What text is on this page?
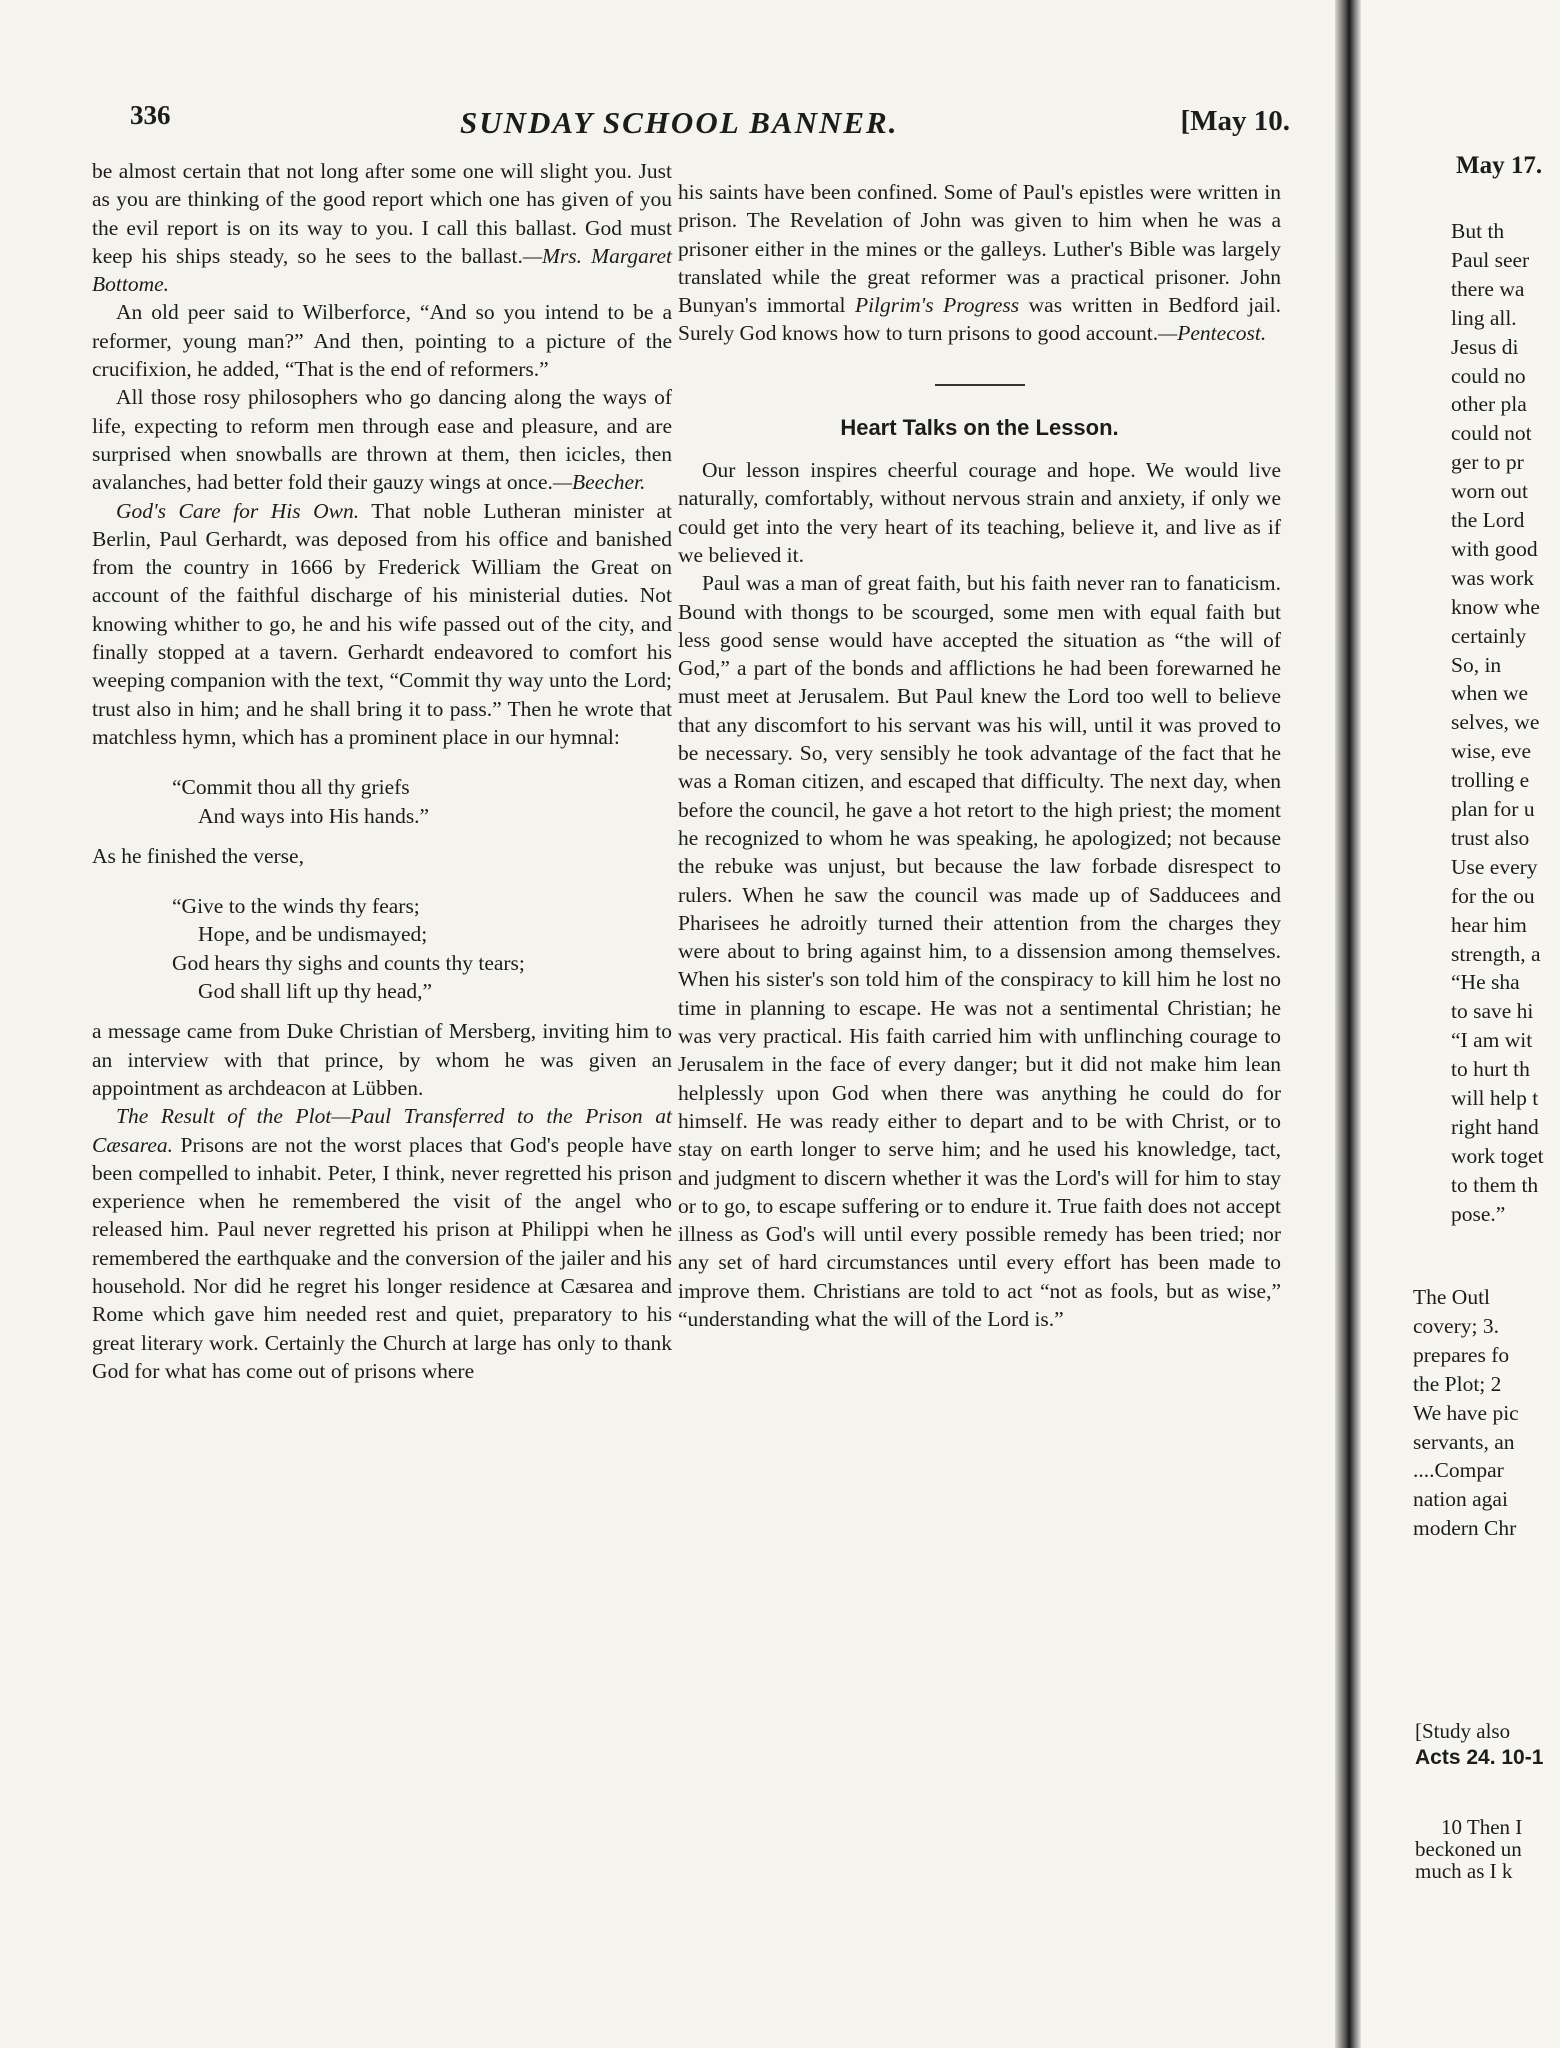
336	SUNDAY SCHOOL BANNER.	[May 10.

be almost certain that not long after some one will slight you. Just as you are thinking of the good report which one has given of you the evil report is on its way to you. I call this ballast. God must keep his ships steady, so he sees to the ballast.—Mrs. Margaret Bottome.

An old peer said to Wilberforce, “And so you intend to be a reformer, young man?” And then, pointing to a picture of the crucifixion, he added, “That is the end of reformers.”

All those rosy philosophers who go dancing along the ways of life, expecting to reform men through ease and pleasure, and are surprised when snowballs are thrown at them, then icicles, then avalanches, had better fold their gauzy wings at once.—Beecher.

God's Care for His Own. That noble Lutheran minister at Berlin, Paul Gerhardt, was deposed from his office and banished from the country in 1666 by Frederick William the Great on account of the faithful discharge of his ministerial duties. Not knowing whither to go, he and his wife passed out of the city, and finally stopped at a tavern. Gerhardt endeavored to comfort his weeping companion with the text, “Commit thy way unto the Lord; trust also in him; and he shall bring it to pass.” Then he wrote that matchless hymn, which has a prominent place in our hymnal:

“Commit thou all thy griefs
And ways into His hands.”

As he finished the verse,

“Give to the winds thy fears;
Hope, and be undismayed;
God hears thy sighs and counts thy tears;
God shall lift up thy head,”

a message came from Duke Christian of Mersberg, inviting him to an interview with that prince, by whom he was given an appointment as archdeacon at Lübben.

The Result of the Plot—Paul Transferred to the Prison at Cæsarea. Prisons are not the worst places that God's people have been compelled to inhabit. Peter, I think, never regretted his prison experience when he remembered the visit of the angel who released him. Paul never regretted his prison at Philippi when he remembered the earthquake and the conversion of the jailer and his household. Nor did he regret his longer residence at Cæsarea and Rome which gave him needed rest and quiet, preparatory to his great literary work. Certainly the Church at large has only to thank God for what has come out of prisons where

his saints have been confined. Some of Paul's epistles were written in prison. The Revelation of John was given to him when he was a prisoner either in the mines or the galleys. Luther's Bible was largely translated while the great reformer was a practical prisoner. John Bunyan's immortal Pilgrim's Progress was written in Bedford jail. Surely God knows how to turn prisons to good account.—Pentecost.

Heart Talks on the Lesson.

Our lesson inspires cheerful courage and hope. We would live naturally, comfortably, without nervous strain and anxiety, if only we could get into the very heart of its teaching, believe it, and live as if we believed it.

Paul was a man of great faith, but his faith never ran to fanaticism. Bound with thongs to be scourged, some men with equal faith but less good sense would have accepted the situation as “the will of God,” a part of the bonds and afflictions he had been forewarned he must meet at Jerusalem. But Paul knew the Lord too well to believe that any discomfort to his servant was his will, until it was proved to be necessary. So, very sensibly he took advantage of the fact that he was a Roman citizen, and escaped that difficulty. The next day, when before the council, he gave a hot retort to the high priest; the moment he recognized to whom he was speaking, he apologized; not because the rebuke was unjust, but because the law forbade disrespect to rulers. When he saw the council was made up of Sadducees and Pharisees he adroitly turned their attention from the charges they were about to bring against him, to a dissension among themselves. When his sister's son told him of the conspiracy to kill him he lost no time in planning to escape. He was not a sentimental Christian; he was very practical. His faith carried him with unflinching courage to Jerusalem in the face of every danger; but it did not make him lean helplessly upon God when there was anything he could do for himself. He was ready either to depart and to be with Christ, or to stay on earth longer to serve him; and he used his knowledge, tact, and judgment to discern whether it was the Lord's will for him to stay or to go, to escape suffering or to endure it. True faith does not accept illness as God's will until every possible remedy has been tried; nor any set of hard circumstances until every effort has been made to improve them. Christians are told to act “not as fools, but as wise,” “understanding what the will of the Lord is.”

May 17.
But th
Paul seer
there wa
ling all.
Jesus di
could no
other pla
could not
ger to pr
worn out
the Lord
with good
was work
know whe
certainly
So, in
when we
selves, we
wise, eve
trolling e
plan for u
trust also
Use every
for the ou
hear him
strength, a
“He sha
to save hi
“I am wit
to hurt th
will help t
right hand
work toget
to them th
pose.”
The Outl
covery; 3.
prepares fo
the Plot; 2
We have pic
servants, an
....Compar
nation agai
modern Chr
[Study also
Acts 24. 10-1
10 Then I
beckoned un
much as I k
